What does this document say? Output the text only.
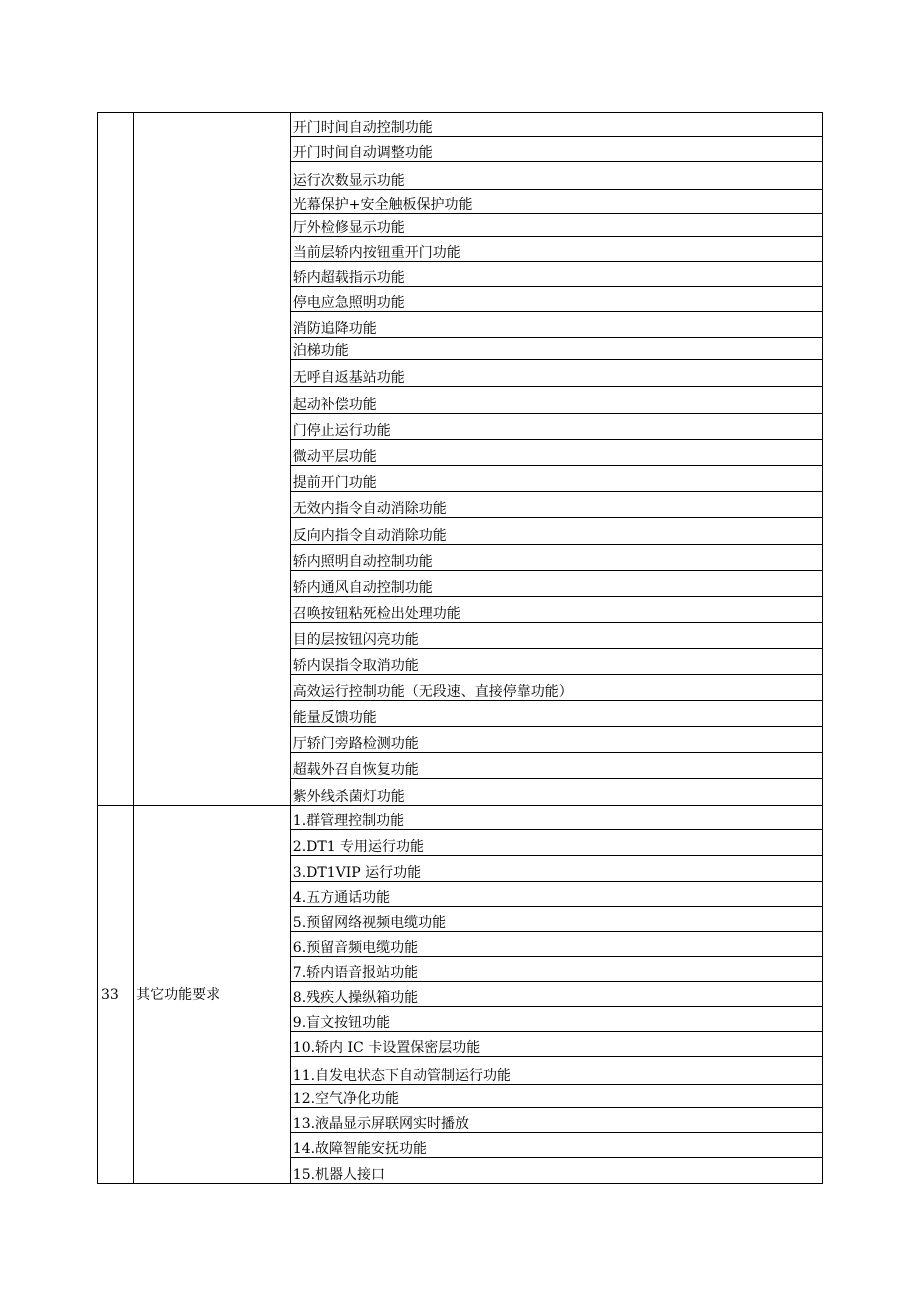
		开门时间自动控制功能
		开门时间自动调整功能
		运行次数显示功能
		光幕保护+安全触板保护功能
		厅外检修显示功能
		当前层轿内按钮重开门功能
		轿内超载指示功能
		停电应急照明功能
		消防追降功能
		泊梯功能
		无呼自返基站功能
		起动补偿功能
		门停止运行功能
		微动平层功能
		提前开门功能
		无效内指令自动消除功能
		反向内指令自动消除功能
		轿内照明自动控制功能
		轿内通风自动控制功能
		召唤按钮粘死检出处理功能
		目的层按钮闪亮功能
		轿内误指令取消功能
		高效运行控制功能（无段速、直接停靠功能）
		能量反馈功能
		厅轿门旁路检测功能
		超载外召自恢复功能
		紫外线杀菌灯功能
33	其它功能要求	1.群管理控制功能
		2.DT1 专用运行功能
		3.DT1VIP 运行功能
		4.五方通话功能
		5.预留网络视频电缆功能
		6.预留音频电缆功能
		7.轿内语音报站功能
		8.残疾人操纵箱功能
		9.盲文按钮功能
		10.轿内 IC 卡设置保密层功能
		11.自发电状态下自动管制运行功能
		12.空气净化功能
		13.液晶显示屏联网实时播放
		14.故障智能安抚功能
		15.机器人接口
